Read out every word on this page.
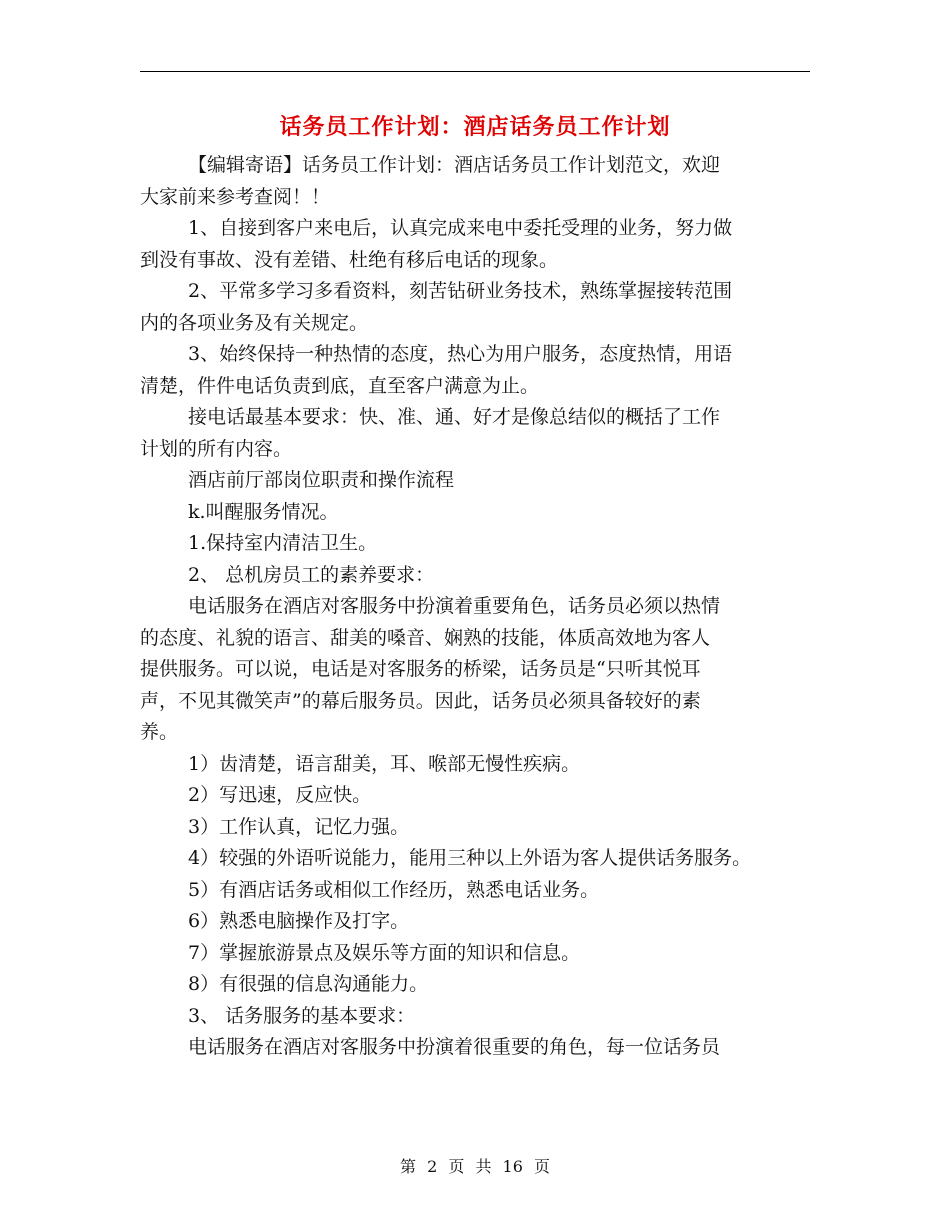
话务员工作计划：酒店话务员工作计划
【编辑寄语】话务员工作计划：酒店话务员工作计划范文，欢迎
大家前来参考查阅！！
1、自接到客户来电后，认真完成来电中委托受理的业务，努力做
到没有事故、没有差错、杜绝有移后电话的现象。
2、平常多学习多看资料，刻苦钻研业务技术，熟练掌握接转范围
内的各项业务及有关规定。
3、始终保持一种热情的态度，热心为用户服务，态度热情，用语
清楚，件件电话负责到底，直至客户满意为止。
接电话最基本要求：快、准、通、好才是像总结似的概括了工作
计划的所有内容。
酒店前厅部岗位职责和操作流程
k.叫醒服务情况。
1.保持室内清洁卫生。
2、 总机房员工的素养要求：
电话服务在酒店对客服务中扮演着重要角色，话务员必须以热情
的态度、礼貌的语言、甜美的嗓音、娴熟的技能，体质高效地为客人
提供服务。可以说，电话是对客服务的桥梁，话务员是“只听其悦耳
声，不见其微笑声”的幕后服务员。因此，话务员必须具备较好的素
养。
1）齿清楚，语言甜美，耳、喉部无慢性疾病。
2）写迅速，反应快。
3）工作认真，记忆力强。
4）较强的外语听说能力，能用三种以上外语为客人提供话务服务。
5）有酒店话务或相似工作经历，熟悉电话业务。
6）熟悉电脑操作及打字。
7）掌握旅游景点及娱乐等方面的知识和信息。
8）有很强的信息沟通能力。
3、 话务服务的基本要求：
电话服务在酒店对客服务中扮演着很重要的角色，每一位话务员
第 2 页 共 16 页
